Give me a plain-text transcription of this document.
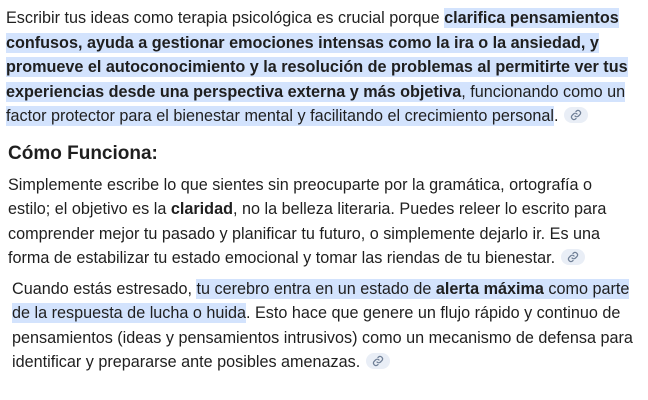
Escribir tus ideas como terapia psicológica es crucial porque clarifica pensamientos confusos, ayuda a gestionar emociones intensas como la ira o la ansiedad, y promueve el autoconocimiento y la resolución de problemas al permitirte ver tus experiencias desde una perspectiva externa y más objetiva, funcionando como un factor protector para el bienestar mental y facilitando el crecimiento personal.

Cómo Funciona:

Simplemente escribe lo que sientes sin preocuparte por la gramática, ortografía o estilo; el objetivo es la claridad, no la belleza literaria. Puedes releer lo escrito para comprender mejor tu pasado y planificar tu futuro, o simplemente dejarlo ir. Es una forma de estabilizar tu estado emocional y tomar las riendas de tu bienestar.

Cuando estás estresado, tu cerebro entra en un estado de alerta máxima como parte de la respuesta de lucha o huida. Esto hace que genere un flujo rápido y continuo de pensamientos (ideas y pensamientos intrusivos) como un mecanismo de defensa para identificar y prepararse ante posibles amenazas.
